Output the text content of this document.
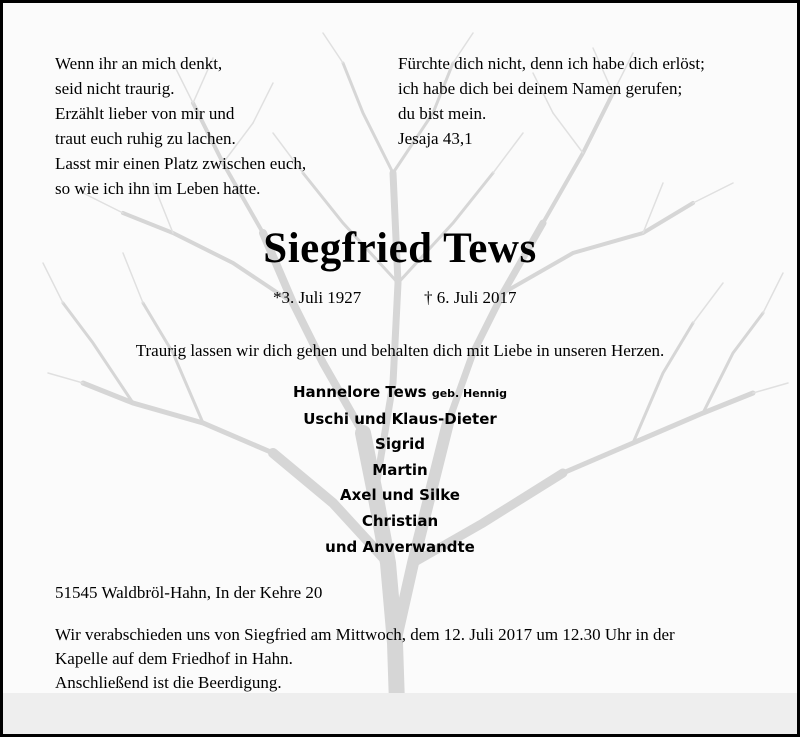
Wenn ihr an mich denkt,
seid nicht traurig.
Erzählt lieber von mir und
traut euch ruhig zu lachen.
Lasst mir einen Platz zwischen euch,
so wie ich ihn im Leben hatte.
Fürchte dich nicht, denn ich habe dich erlöst;
ich habe dich bei deinem Namen gerufen;
du bist mein.
Jesaja 43,1
Siegfried Tews
*3. Juli 1927	† 6. Juli 2017
Traurig lassen wir dich gehen und behalten dich mit Liebe in unseren Herzen.
Hannelore Tews geb. Hennig
Uschi und Klaus-Dieter
Sigrid
Martin
Axel und Silke
Christian
und Anverwandte
51545 Waldbröl-Hahn, In der Kehre 20
Wir verabschieden uns von Siegfried am Mittwoch, dem 12. Juli 2017 um 12.30 Uhr in der
Kapelle auf dem Friedhof in Hahn.
Anschließend ist die Beerdigung.
